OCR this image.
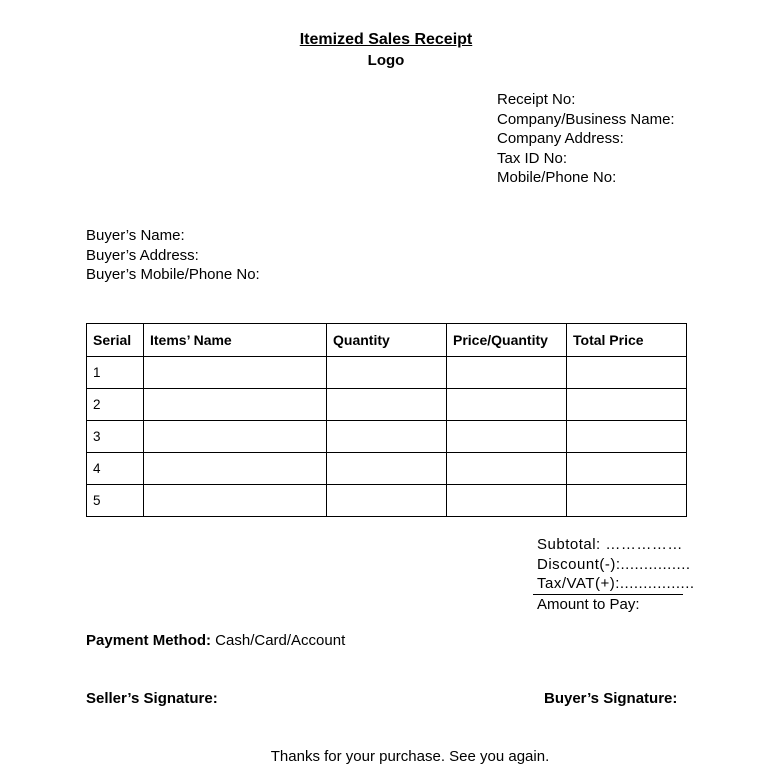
Itemized Sales Receipt
Logo
Receipt No:
Company/Business Name:
Company Address:
Tax ID No:
Mobile/Phone No:
Buyer’s Name:
Buyer’s Address:
Buyer’s Mobile/Phone No:
Serial	Items’ Name	Quantity	Price/Quantity	Total Price
1				
2				
3				
4				
5				
Subtotal: ……………
Discount(-):...............
Tax/VAT(+):................
Amount to Pay:
Payment Method: Cash/Card/Account
Seller’s Signature:	Buyer’s Signature:
Thanks for your purchase. See you again.
